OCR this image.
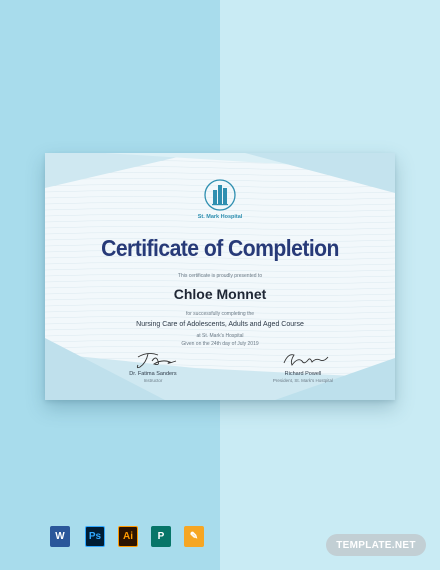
St. Mark Hospital
Certificate of Completion
This certificate is proudly presented to
Chloe Monnet
for successfully completing the
Nursing Care of Adolescents, Adults and Aged Course
at St. Mark's Hospital
Given on the 24th day of July 2019
Dr. Fatima Sanders
Instructor
Richard Powell
President, St. Mark's Hostpital
W Ps Ai P	✎
TEMPLATE.NET
